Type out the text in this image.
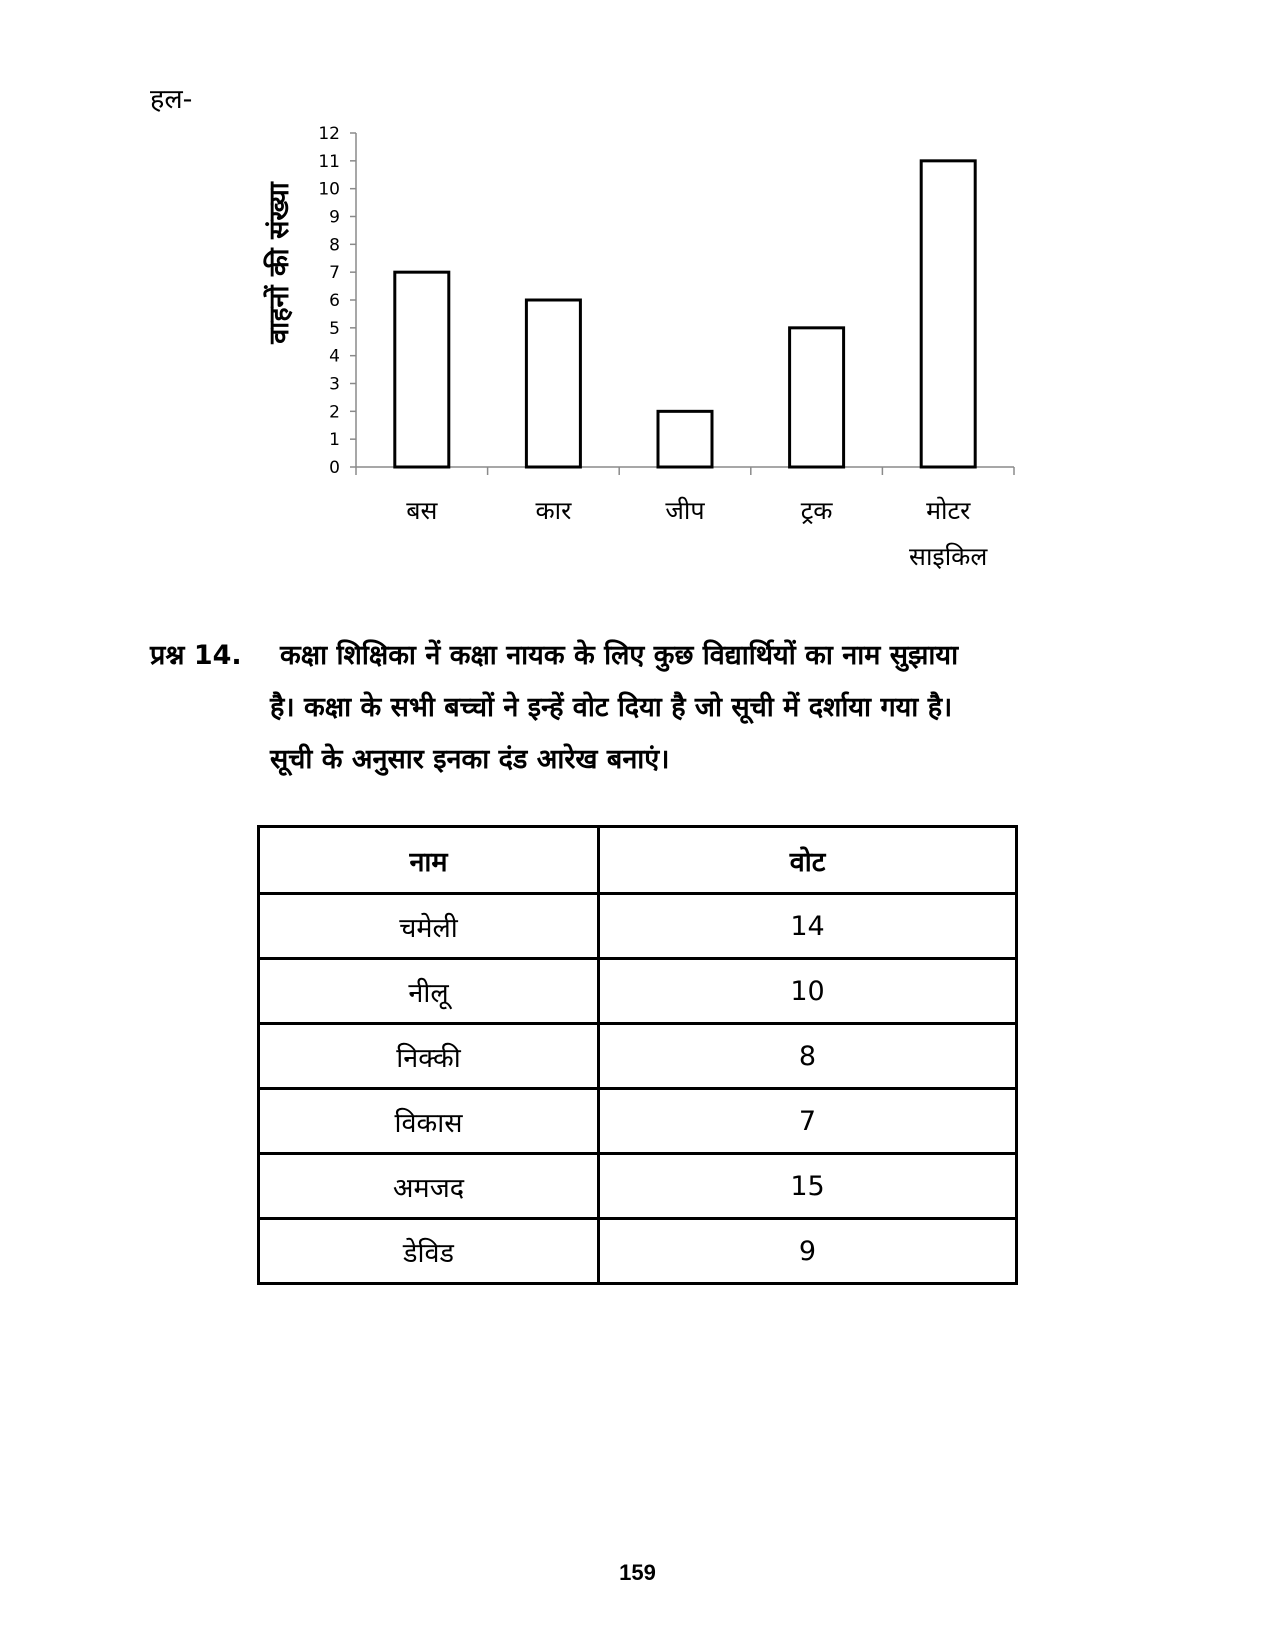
हल-
0
1
2
3
4
5
6
7
8
9
10
11
12
बस	कार	जीप	ट्रक	मोटर
साइकिल
वाहनों की संख्या
प्रश्न 14. कक्षा शिक्षिका नें कक्षा नायक के लिए कुछ विद्यार्थियों का नाम सुझाया
है। कक्षा के सभी बच्चों ने इन्हें वोट दिया है जो सूची में दर्शाया गया है।
सूची के अनुसार इनका दंड आरेख बनाएं।
नाम	वोट
चमेली	14
नीलू	10
निक्की	8
विकास	7
अमजद	15
डेविड	9
159
